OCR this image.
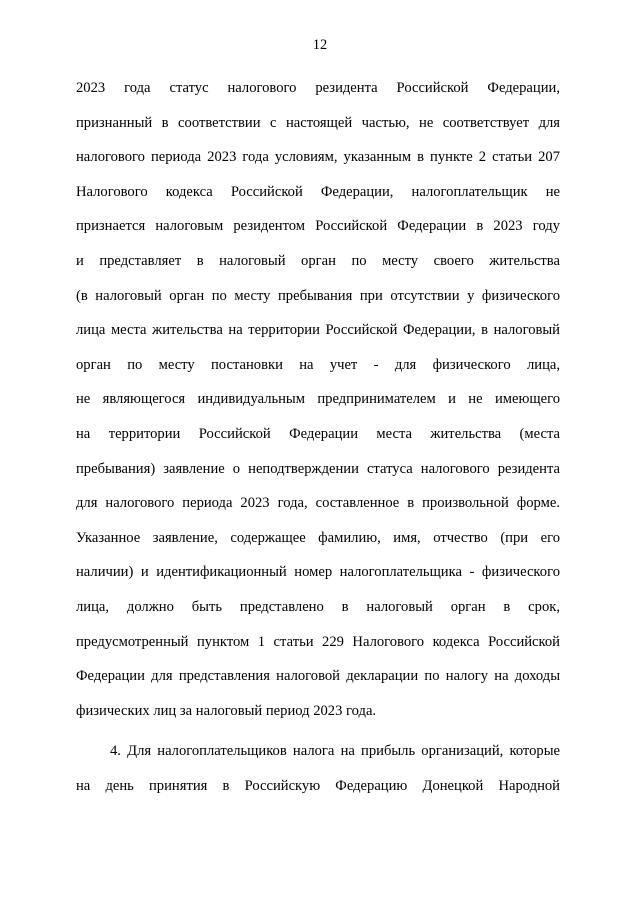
12
2023 года статус налогового резидента Российской Федерации,
признанный в соответствии с настоящей частью, не соответствует для
налогового периода 2023 года условиям, указанным в пункте 2 статьи 207
Налогового кодекса Российской Федерации, налогоплательщик не
признается налоговым резидентом Российской Федерации в 2023 году
и представляет в налоговый орган по месту своего жительства
(в налоговый орган по месту пребывания при отсутствии у физического
лица места жительства на территории Российской Федерации, в налоговый
орган по месту постановки на учет - для физического лица,
не являющегося индивидуальным предпринимателем и не имеющего
на территории Российской Федерации места жительства (места
пребывания) заявление о неподтверждении статуса налогового резидента
для налогового периода 2023 года, составленное в произвольной форме.
Указанное заявление, содержащее фамилию, имя, отчество (при его
наличии) и идентификационный номер налогоплательщика - физического
лица, должно быть представлено в налоговый орган в срок,
предусмотренный пунктом 1 статьи 229 Налогового кодекса Российской
Федерации для представления налоговой декларации по налогу на доходы
физических лиц за налоговый период 2023 года.
4. Для налогоплательщиков налога на прибыль организаций, которые
на день принятия в Российскую Федерацию Донецкой Народной
